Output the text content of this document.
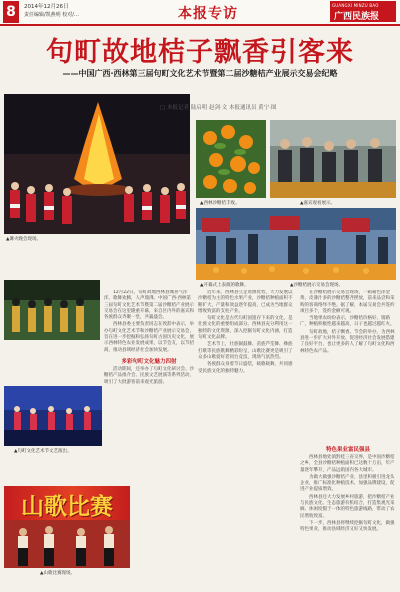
8	2014年12月26日
责任编辑/凯燕明 校对/…	本报专访
GUANGXI MINZU BAO
广西民族报
句町故地桔子飘香引客来
——中国广西·西林第三届句町文化艺术节暨第二届沙糖桔产业展示交易会纪略
▲篝火晚会现场。
▲西林沙糖桔丰收。	▲嘉宾观看展示。
▲沙糖桔展示交易会现场。
▲开幕式上表演的歌舞。
□ 本报记者 陆启明 赵剑·文 本报通讯员 黄宁·图
▲句町文化艺术节文艺演出。
山歌比赛
▲山歌比赛现场。

12月22日，句町故地西林县城喜气洋洋，歌舞欢腾，人声鼎沸。中国广西·西林第三届句町文化艺术节暨第二届沙糖桔产业展示交易会在这里隆重开幕，来自区内外的嘉宾和各族群众齐聚一堂，共襄盛会。

西林县委主要负责同志在致辞中表示，举办句町文化艺术节和沙糖桔产业展示交易会，旨在进一步挖掘和弘扬句町古国历史文化，展示西林特色农业发展成果，以节会友，以节招商，推动县域经济社会加快发展。

多彩句町文化魅力四射

活动期间，还举办了句町文化研讨会、沙糖桔产品推介会、民族文艺展演等系列活动，吸引了大批游客前来观光旅游。

近年来，西林县立足资源优势，大力发展以沙糖桔为主的特色水果产业，沙糖桔种植面积不断扩大，产量和效益逐年提高，已成为当地群众增收致富的支柱产业。

句町文化是古代句町国遗存下来的文化，是壮族文化的重要组成部分。西林县充分利用这一独特的文化资源，深入挖掘句町文化内涵，打造句町文化品牌。

艺术节上，壮族铜鼓舞、苗族芦笙舞、彝族打歌等民族歌舞精彩纷呈，山歌比赛更是吸引了众多山歌爱好者同台竞技，现场气氛热烈。

各族群众身着节日盛装，载歌载舞，共同感受民族文化的独特魅力。

在沙糖桔展示交易会现场，一箱箱色泽金黄、皮薄汁多的沙糖桔整齐摆放，前来品尝和采购的客商络绎不绝。据了解，本届交易会共签约项目多个，签约金额可观。

当地果农纷纷表示，沙糖桔价格好、销路广，种植积极性越来越高，日子也越过越红火。

句町故地，桔子飘香。节会的举办，为西林县进一步扩大对外开放、促进经济社会发展搭建了良好平台，也让更多的人了解了句町文化和西林特色农产品。

特色果业富民强县

西林县地处滇黔桂三省交界，是中国沙糖桔之乡，全县沙糖桔种植面积已达数十万亩，年产量逐年攀升，产品远销国内各大城市。

为做大做强沙糖桔产业，县里积极引进龙头企业，推广标准化种植技术，加强品牌建设，促进产业提质增效。

西林县还大力发展乡村旅游，把沙糖桔产业与民族文化、生态旅游有机结合，打造集观光采摘、休闲度假于一体的特色旅游线路，带动了农民增收致富。

下一步，西林县将继续挖掘句町文化，做强特色果业，推动县域经济又好又快发展。
